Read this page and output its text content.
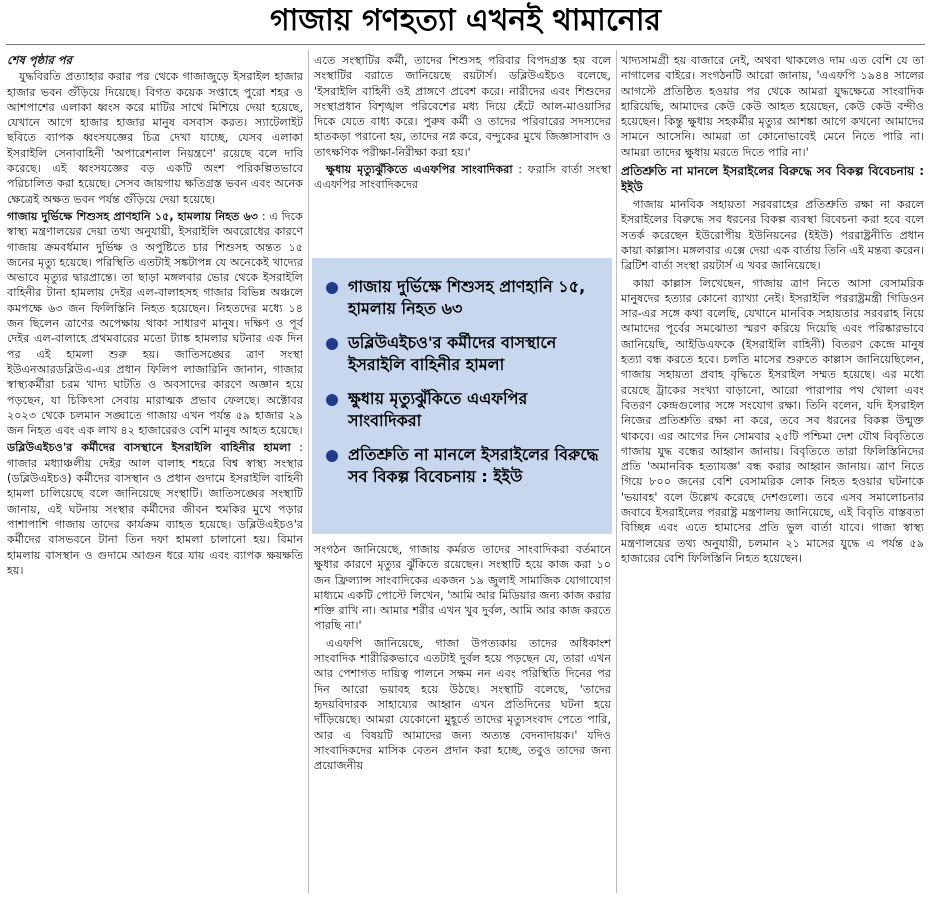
গাজায় গণহত্যা এখনই থামানোর
শেষ পৃষ্ঠার পর

যুদ্ধবিরতি প্রত্যাহার করার পর থেকে গাজাজুড়ে ইসরাইল হাজার হাজার ভবন গুঁড়িয়ে দিয়েছে। বিগত কয়েক সপ্তাহে পুরো শহর ও আশপাশের এলাকা ধ্বংস করে মাটির সাথে মিশিয়ে দেয়া হয়েছে, যেখানে আগে হাজার হাজার মানুষ বসবাস করত। স্যাটেলাইট ছবিতে ব্যাপক ধ্বংসযজ্ঞের চিত্র দেখা যাচ্ছে, যেসব এলাকা ইসরাইলি সেনাবাহিনী 'অপারেশনাল নিয়ন্ত্রণে' রয়েছে বলে দাবি করেছে। এই ধ্বংসযজ্ঞের বড় একটি অংশ পরিকল্পিতভাবে পরিচালিত করা হয়েছে। সেসব জায়গায় ক্ষতিগ্রস্ত ভবন এবং অনেক ক্ষেত্রেই অক্ষত ভবন পর্যন্ত গুঁড়িয়ে দেয়া হয়েছে।

গাজায় দুর্ভিক্ষে শিশুসহ প্রাণহানি ১৫, হামলায় নিহত ৬৩ : এ দিকে স্বাস্থ্য মন্ত্রণালয়ের দেয়া তথ্য অনুযায়ী, ইসরাইলি অবরোধের কারণে গাজায় ক্রমবর্ধমান দুর্ভিক্ষ ও অপুষ্টিতে চার শিশুসহ অন্তত ১৫ জনের মৃত্যু হয়েছে। পরিস্থিতি এতটাই সঙ্কটাপন্ন যে অনেকেই খাদ্যের অভাবে মৃত্যুর দ্বারপ্রান্তে। তা ছাড়া মঙ্গলবার ভোর থেকে ইসরাইলি বাহিনীর টানা হামলায় দেইর এল-বালাহসহ গাজার বিভিন্ন অঞ্চলে কমপক্ষে ৬৩ জন ফিলিস্তিনি নিহত হয়েছেন। নিহতদের মধ্যে ১৪ জন ছিলেন ত্রাণের অপেক্ষায় থাকা সাধারণ মানুষ। দক্ষিণ ও পূর্ব দেইর এল-বালাহে প্রথমবারের মতো ট্যাঙ্ক হামলার ঘটনার এক দিন পর এই হামলা শুরু হয়। জাতিসঙ্ঘের ত্রাণ সংস্থা ইউএনআরডব্লিউএ-এর প্রধান ফিলিপ লাজারিনি জানান, গাজার স্বাস্থ্যকর্মীরা চরম খাদ্য ঘাটতি ও অবসাদের কারণে অজ্ঞান হয়ে পড়ছেন, যা চিকিৎসা সেবায় মারাত্মক প্রভাব ফেলছে। অক্টোবর ২০২৩ থেকে চলমান সঙ্ঘাতে গাজায় এখন পর্যন্ত ৫৯ হাজার ২৯ জন নিহত এবং এক লাখ ৪২ হাজারেরও বেশি মানুষ আহত হয়েছে।

ডব্লিউএইচও'র কর্মীদের বাসস্থানে ইসরাইলি বাহিনীর হামলা : গাজার মধ্যাঞ্চলীয় দেইর আল বালাহ শহরে বিশ্ব স্বাস্থ্য সংস্থার (ডব্লিউএইচও) কর্মীদের বাসস্থান ও প্রধান গুদামে ইসরাইলি বাহিনী হামলা চালিয়েছে বলে জানিয়েছে সংস্থাটি। জাতিসঙ্ঘের সংস্থাটি জানায়, এই ঘটনায় সংস্থার কর্মীদের জীবন হুমকির মুখে পড়ার পাশাপাশি গাজায় তাদের কার্যক্রম ব্যাহত হয়েছে। ডব্লিউএইচও'র কর্মীদের বাসভবনে টানা তিন দফা হামলা চালানো হয়। বিমান হামলায় বাসস্থান ও গুদামে আগুন ধরে যায় এবং ব্যাপক ক্ষয়ক্ষতি হয়।

এতে সংস্থাটির কর্মী, তাদের শিশুসহ পরিবার বিপদগ্রস্ত হয় বলে সংস্থাটির বরাতে জানিয়েছে রয়টার্স। ডব্লিউএইচও বলেছে, 'ইসরাইলি বাহিনী ওই প্রাঙ্গণে প্রবেশ করে। নারীদের এবং শিশুদের সংস্থাপ্রধান বিশৃঙ্খল পরিবেশের মধ্য দিয়ে হেঁটে আল-মাওয়াসির দিকে যেতে বাধ্য করে। পুরুষ কর্মী ও তাদের পরিবারের সদস্যদের হাতকড়া পরানো হয়, তাদের নগ্ন করে, বন্দুকের মুখে জিজ্ঞাসাবাদ ও তাৎক্ষণিক পরীক্ষা-নিরীক্ষা করা হয়।'

ক্ষুধায় মৃত্যুঝুঁকিতে এএফপির সাংবাদিকরা : ফরাসি বার্তা সংস্থা এএফপির সাংবাদিকদের

গাজায় দুর্ভিক্ষে শিশুসহ প্রাণহানি ১৫, হামলায় নিহত ৬৩
ডব্লিউএইচও'র কর্মীদের বাসস্থানে ইসরাইলি বাহিনীর হামলা
ক্ষুধায় মৃত্যুঝুঁকিতে এএফপির সাংবাদিকরা
প্রতিশ্রুতি না মানলে ইসরাইলের বিরুদ্ধে সব বিকল্প বিবেচনায় : ইইউ

সংগঠন জানিয়েছে, গাজায় কর্মরত তাদের সাংবাদিকরা বর্তমানে ক্ষুধার কারণে মৃত্যুর ঝুঁকিতে রয়েছেন। সংস্থাটি হয়ে কাজ করা ১০ জন ফ্রিল্যান্স সাংবাদিকের একজন ১৯ জুলাই সামাজিক যোগাযোগ মাধ্যমে একটি পোস্টে লিখেন, 'আমি আর মিডিয়ার জন্য কাজ করার শক্তি রাখি না। আমার শরীর এখন খুব দুর্বল, আমি আর কাজ করতে পারছি না।'

এএফপি জানিয়েছে, গাজা উপত্যকায় তাদের অধিকাংশ সাংবাদিক শারীরিকভাবে এতটাই দুর্বল হয়ে পড়ছেন যে, তারা এখন আর পেশাগত দায়িত্ব পালনে সক্ষম নন এবং পরিস্থিতি দিনের পর দিন আরো ভয়াবহ হয়ে উঠছে। সংস্থাটি বলেছে, 'তাদের হৃদয়বিদারক সাহায্যের আহ্বান এখন প্রতিদিনের ঘটনা হয়ে দাঁড়িয়েছে। আমরা যেকোনো মুহূর্তে তাদের মৃত্যুসংবাদ পেতে পারি, আর এ বিষয়টি আমাদের জন্য অত্যন্ত বেদনাদায়ক।' যদিও সাংবাদিকদের মাসিক বেতন প্রদান করা হচ্ছে, তবুও তাদের জন্য প্রয়োজনীয়

খাদ্যসামগ্রী হয় বাজারে নেই, অথবা থাকলেও দাম এত বেশি যে তা নাগালের বাইরে। সংগঠনটি আরো জানায়, 'এএফপি ১৯৪৪ সালের আগস্টে প্রতিষ্ঠিত হওয়ার পর থেকে আমরা যুদ্ধক্ষেত্রে সাংবাদিক হারিয়েছি, আমাদের কেউ কেউ আহত হয়েছেন, কেউ কেউ বন্দীও হয়েছেন। কিন্তু ক্ষুধায় সহকর্মীর মৃত্যুর আশঙ্কা আগে কখনো আমাদের সামনে আসেনি। আমরা তা কোনোভাবেই মেনে নিতে পারি না। আমরা তাদের ক্ষুধায় মরতে দিতে পারি না।'

প্রতিশ্রুতি না মানলে ইসরাইলের বিরুদ্ধে সব বিকল্প বিবেচনায় : ইইউ

গাজায় মানবিক সহায়তা সরবরাহের প্রতিশ্রুতি রক্ষা না করলে ইসরাইলের বিরুদ্ধে সব ধরনের বিকল্প ব্যবস্থা বিবেচনা করা হবে বলে সতর্ক করেছেন ইউরোপীয় ইউনিয়নের (ইইউ) পররাষ্ট্রনীতি প্রধান কায়া কাল্লাস। মঙ্গলবার এক্সে দেয়া এক বার্তায় তিনি এই মন্তব্য করেন। ব্রিটিশ বার্তা সংস্থা রয়টার্স এ খবর জানিয়েছে।

কায়া কাল্লাস লিখেছেন, গাজায় ত্রাণ নিতে আসা বেসামরিক মানুষদের হত্যার কোনো ব্যাখ্যা নেই। ইসরাইলি পররাষ্ট্রমন্ত্রী গিডিওন সার-এর সঙ্গে কথা বলেছি, যেখানে মানবিক সহায়তার সরবরাহ নিয়ে আমাদের পূর্বের সমঝোতা স্মরণ করিয়ে দিয়েছি এবং পরিষ্কারভাবে জানিয়েছি, আইডিএফকে (ইসরাইলি বাহিনী) বিতরণ কেন্দ্রে মানুষ হত্যা বন্ধ করতে হবে। চলতি মাসের শুরুতে কাল্লাস জানিয়েছিলেন, গাজায় সহায়তা প্রবাহ বৃদ্ধিতে ইসরাইল সম্মত হয়েছে। এর মধ্যে রয়েছে ট্রাকের সংখ্যা বাড়ানো, আরো পারাপার পথ খোলা এবং বিতরণ কেন্দ্রগুলোর সঙ্গে সংযোগ রক্ষা। তিনি বলেন, যদি ইসরাইল নিজের প্রতিশ্রুতি রক্ষা না করে, তবে সব ধরনের বিকল্প উন্মুক্ত থাকবে। এর আগের দিন সোমবার ২৫টি পশ্চিমা দেশ যৌথ বিবৃতিতে গাজায় যুদ্ধ বন্ধের আহ্বান জানায়। বিবৃতিতে তারা ফিলিস্তিনিদের প্রতি 'অমানবিক হত্যাযজ্ঞ' বন্ধ করার আহ্বান জানায়। ত্রাণ নিতে গিয়ে ৮০০ জনের বেশি বেসামরিক লোক নিহত হওয়ার ঘটনাকে 'ভয়াবহ' বলে উল্লেখ করেছে দেশগুলো। তবে এসব সমালোচনার জবাবে ইসরাইলের পররাষ্ট্র মন্ত্রণালয় জানিয়েছে, এই বিবৃতি বাস্তবতা বিচ্ছিন্ন এবং এতে হামাসের প্রতি ভুল বার্তা যাবে। গাজা স্বাস্থ্য মন্ত্রণালয়ের তথ্য অনুযায়ী, চলমান ২১ মাসের যুদ্ধে এ পর্যন্ত ৫৯ হাজারের বেশি ফিলিস্তিনি নিহত হয়েছেন।
